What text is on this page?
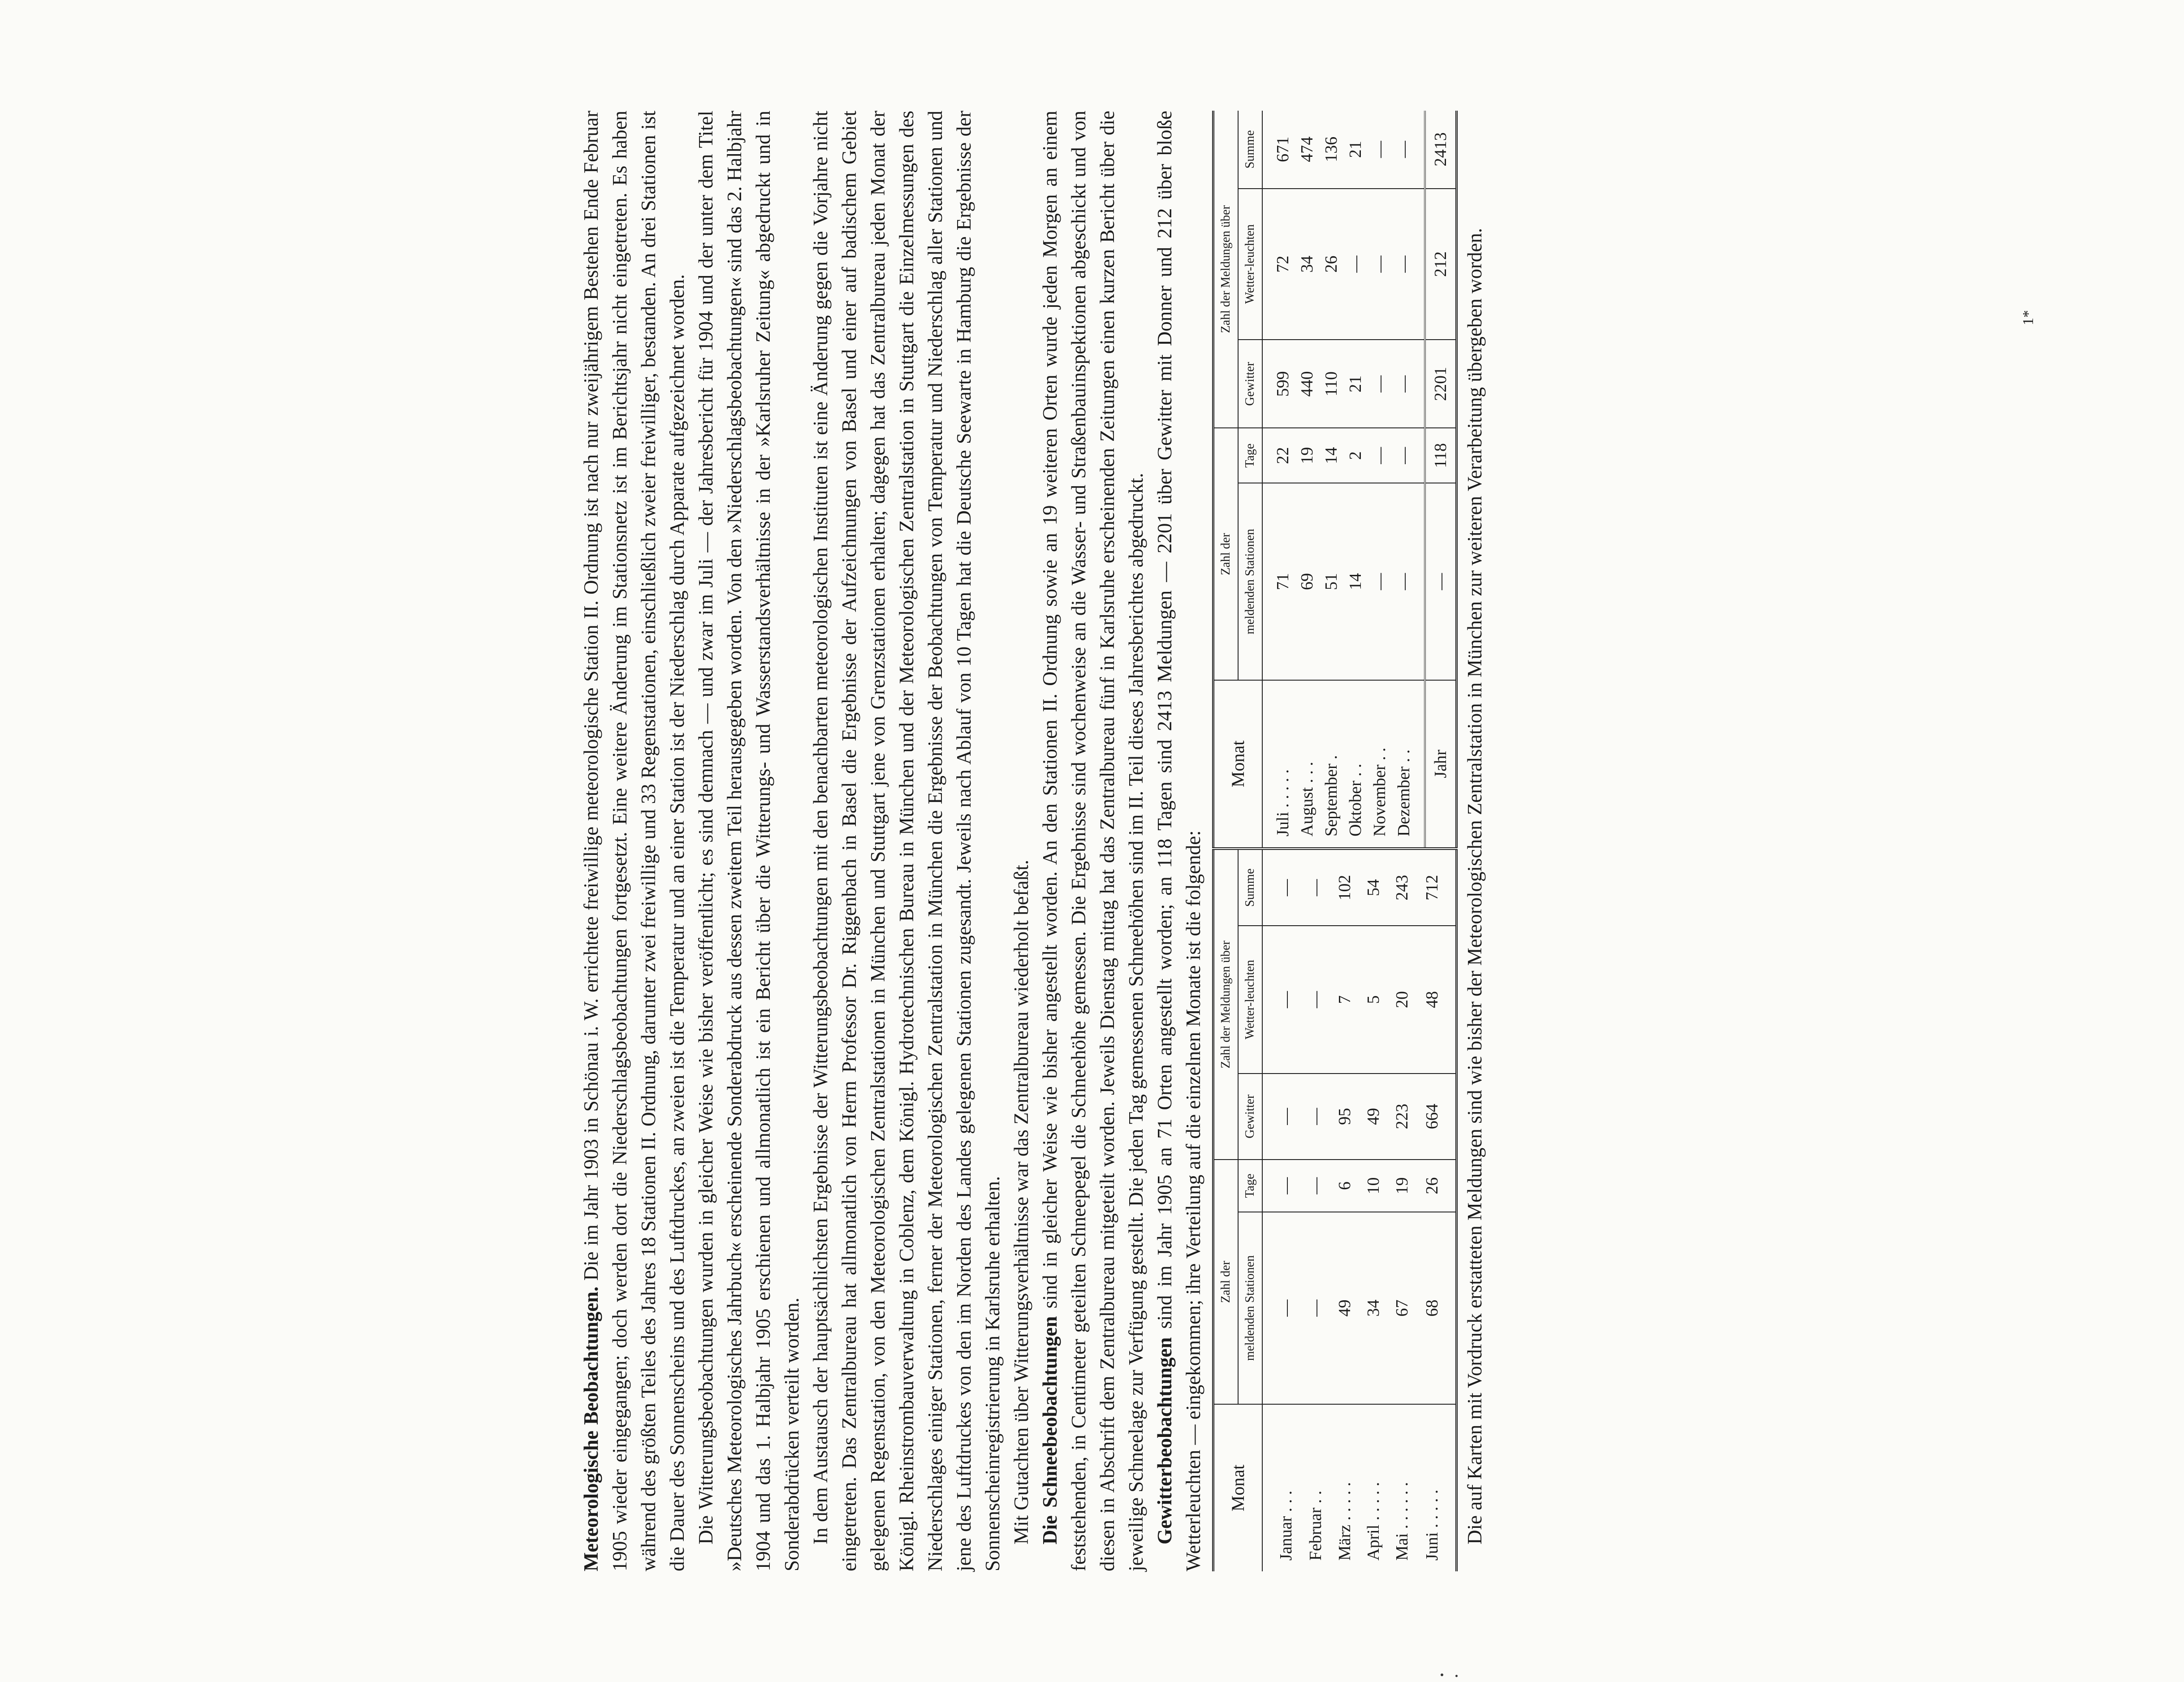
Meteorologische Beobachtungen. Die im Jahr 1903 in Schönau i. W. errichtete freiwillige meteorologische Station II. Ordnung ist nach nur zweijährigem Bestehen Ende Februar 1905 wieder eingegangen; doch werden dort die Niederschlagsbeobachtungen fortgesetzt. Eine weitere Änderung im Stationsnetz ist im Berichtsjahr nicht eingetreten. Es haben während des größten Teiles des Jahres 18 Stationen II. Ordnung, darunter zwei freiwillige und 33 Regenstationen, einschließlich zweier freiwilliger, bestanden. An drei Stationen ist die Dauer des Sonnenscheins und des Luftdruckes, an zweien ist die Temperatur und an einer Station ist der Niederschlag durch Apparate aufgezeichnet worden. Die Witterungsbeobachtungen wurden in gleicher Weise wie bisher veröffentlicht; es sind demnach — und zwar im Juli — der Jahresbericht für 1904 und der unter dem Titel »Deutsches Meteorologisches Jahrbuch« erscheinende Sonderabdruck aus dessen zweitem Teil herausgegeben worden. Von den »Niederschlagsbeobachtungen« sind das 2. Halbjahr 1904 und das 1. Halbjahr 1905 erschienen und allmonatlich ist ein Bericht über die Witterungs- und Wasserstandsverhältnisse in der »Karlsruher Zeitung« abgedruckt und in Sonderabdrücken verteilt worden. In dem Austausch der hauptsächlichsten Ergebnisse der Witterungsbeobachtungen mit den benachbarten meteorologischen Instituten ist eine Änderung gegen die Vorjahre nicht eingetreten. Das Zentralbureau hat allmonatlich von Herrn Professor Dr. Riggenbach in Basel die Ergebnisse der Aufzeichnungen von Basel und einer auf badischem Gebiet gelegenen Regenstation, von den Meteorologischen Zentralstationen in München und Stuttgart jene von Grenzstationen erhalten; dagegen hat das Zentralbureau jeden Monat der Königl. Rheinstrombauverwaltung in Coblenz, dem Königl. Hydrotechnischen Bureau in München und der Meteorologischen Zentralstation in Stuttgart die Einzelmessungen des Niederschlages einiger Stationen, ferner der Meteorologischen Zentralstation in München die Ergebnisse der Beobachtungen von Temperatur und Niederschlag aller Stationen und jene des Luftdruckes von den im Norden des Landes gelegenen Stationen zugesandt. Jeweils nach Ablauf von 10 Tagen hat die Deutsche Seewarte in Hamburg die Ergebnisse der Sonnenscheinregistrierung in Karlsruhe erhalten. Mit Gutachten über Witterungsverhältnisse war das Zentralbureau wiederholt befaßt. Die Schneebeobachtungen sind in gleicher Weise wie bisher angestellt worden. An den Stationen II. Ordnung sowie an 19 weiteren Orten wurde jeden Morgen an einem feststehenden, in Centimeter geteilten Schneepegel die Schneehöhe gemessen. Die Ergebnisse sind wochenweise an die Wasser- und Straßenbauinspektionen abgeschickt und von diesen in Abschrift dem Zentralbureau mitgeteilt worden. Jeweils Dienstag mittag hat das Zentralbureau fünf in Karlsruhe erscheinenden Zeitungen einen kurzen Bericht über die jeweilige Schneelage zur Verfügung gestellt. Die jeden Tag gemessenen Schneehöhen sind im II. Teil dieses Jahresberichtes abgedruckt. Gewitterbeobachtungen sind im Jahr 1905 an 71 Orten angestellt worden; an 118 Tagen sind 2413 Meldungen — 2201 über Gewitter mit Donner und 212 über bloße Wetterleuchten — eingekommen; ihre Verteilung auf die einzelnen Monate ist die folgende: Monat	Zahl der		Zahl der Meldungen über		
	meldenden Stationen	Tage	Gewitter	Wetter-leuchten	Summe
Januar . . .	—	—	—	—	—
Februar . .	—	—	—	—	—
März . . . . .	49	6	95	7	102
April . . . . .	34	10	49	5	54
Mai . . . . . .	67	19	223	20	243
Juni . . . . .	68	26	664	48	712
Monat	Zahl der		Zahl der Meldungen über		
	meldenden Stationen	Tage	Gewitter	Wetter-leuchten	Summe
Juli . . . . .	71	22	599	72	671
August . . .	69	19	440	34	474
September .	51	14	110	26	136
Oktober . .	14	2	21	—	21
November . .	—	—	—	—	—
Dezember . .	—	—	—	—	—
Jahr	—	118	2201	212	2413

Die auf Karten mit Vordruck erstatteten Meldungen sind wie bisher der Meteorologischen Zentralstation in München zur weiteren Verarbeitung übergeben worden.	1*
